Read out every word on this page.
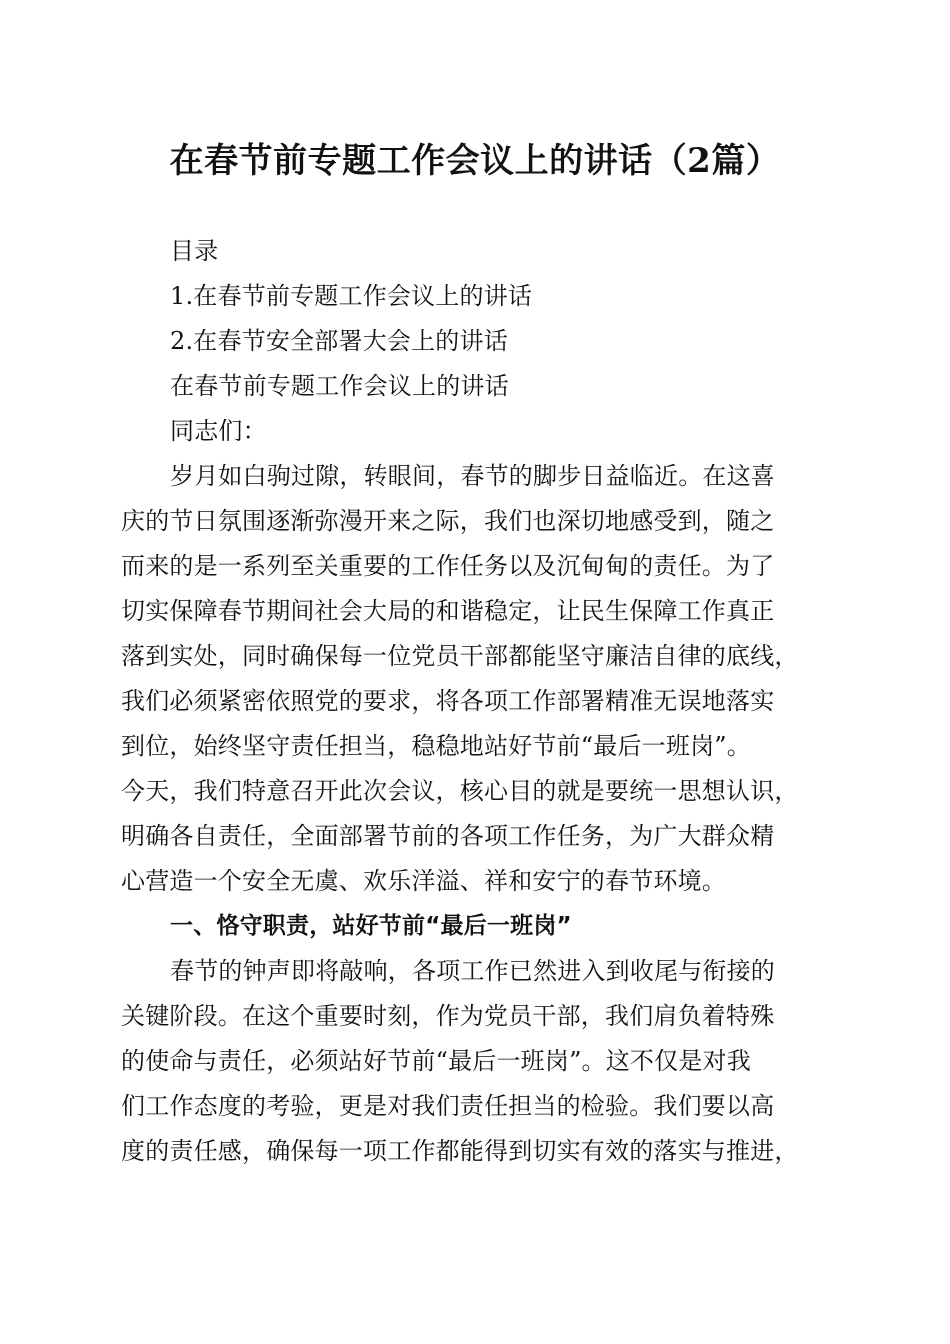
在春节前专题工作会议上的讲话（2篇）
目录
1.在春节前专题工作会议上的讲话
2.在春节安全部署大会上的讲话
在春节前专题工作会议上的讲话
同志们：
岁月如白驹过隙，转眼间，春节的脚步日益临近。在这喜
庆的节日氛围逐渐弥漫开来之际，我们也深切地感受到，随之
而来的是一系列至关重要的工作任务以及沉甸甸的责任。为了
切实保障春节期间社会大局的和谐稳定，让民生保障工作真正
落到实处，同时确保每一位党员干部都能坚守廉洁自律的底线，
我们必须紧密依照党的要求，将各项工作部署精准无误地落实
到位，始终坚守责任担当，稳稳地站好节前“最后一班岗”。
今天，我们特意召开此次会议，核心目的就是要统一思想认识，
明确各自责任，全面部署节前的各项工作任务，为广大群众精
心营造一个安全无虞、欢乐洋溢、祥和安宁的春节环境。
一、恪守职责，站好节前“最后一班岗”
春节的钟声即将敲响，各项工作已然进入到收尾与衔接的
关键阶段。在这个重要时刻，作为党员干部，我们肩负着特殊
的使命与责任，必须站好节前“最后一班岗”。这不仅是对我
们工作态度的考验，更是对我们责任担当的检验。我们要以高
度的责任感，确保每一项工作都能得到切实有效的落实与推进，
